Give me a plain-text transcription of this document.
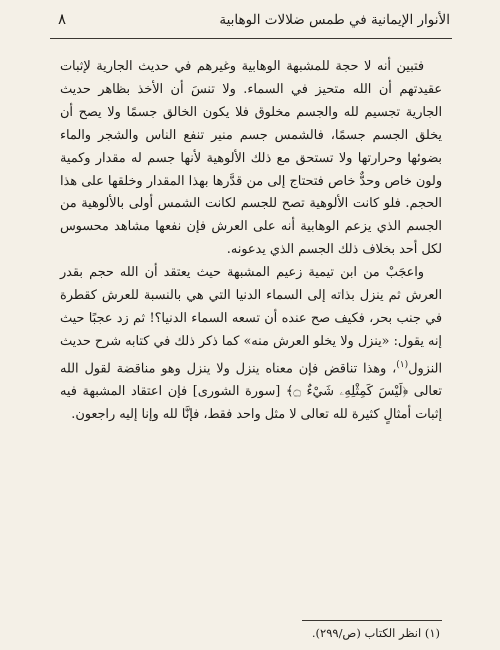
الأنوار الإيمانية في طمس ضلالات الوهابية
٨

فتبين أنه لا حجة للمشبهة الوهابية وغيرهم في حديث الجارية لإثبات عقيدتهم أن الله متحيز في السماء. ولا تنسَ أن الأخذ بظاهر حديث الجارية تجسيم لله والجسم مخلوق فلا يكون الخالق جسمًا ولا يصح أن يخلق الجسم جسمًا، فالشمس جسم منير تنفع الناس والشجر والماء بضوئها وحرارتها ولا تستحق مع ذلك الألوهية لأنها جسم له مقدار وكمية ولون خاص وحدٌّ خاص فتحتاج إلى من قدَّرها بهذا المقدار وخلقها على هذا الحجم. فلو كانت الألوهية تصح للجسم لكانت الشمس أولى بالألوهية من الجسم الذي يزعم الوهابية أنه على العرش فإن نفعها مشاهد محسوس لكل أحد بخلاف ذلك الجسم الذي يدعونه.

واعجَبْ من ابن تيمية زعيم المشبهة حيث يعتقد أن الله حجم بقدر العرش ثم ينزل بذاته إلى السماء الدنيا التي هي بالنسبة للعرش كقطرة في جنب بحر، فكيف صح عنده أن تسعه السماء الدنيا؟! ثم زد عجبًا حيث إنه يقول: «ينزل ولا يخلو العرش منه» كما ذكر ذلك في كتابه شرح حديث النزول$^{(١)}$، وهذا تناقض فإن معناه ينزل ولا ينزل وهو مناقضة لقول الله تعالى ﴿لَيْسَ كَمِثْلِهِۦ شَيْءٌ ۝﴾ [سورة الشورى] فإن اعتقاد المشبهة فيه إثبات أمثالٍ كثيرة لله تعالى لا مثل واحد فقط، فإنَّا لله وإنا إليه راجعون.

(١) انظر الكتاب (ص/٢٩٩).
